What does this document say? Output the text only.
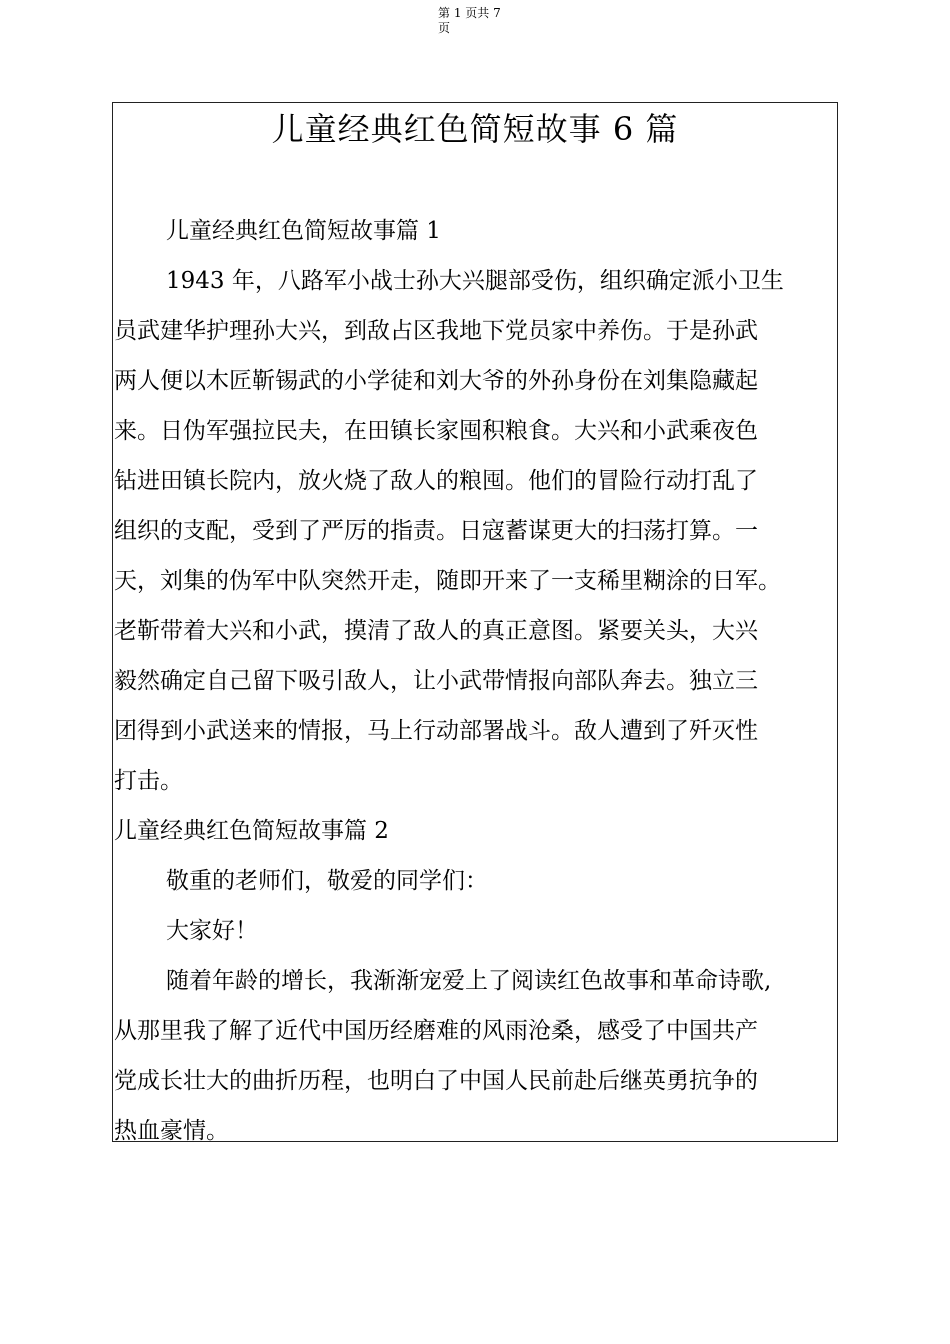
第 1 页共 7
页
儿童经典红色简短故事 6 篇
儿童经典红色简短故事篇 1
1943 年，八路军小战士孙大兴腿部受伤，组织确定派小卫生
员武建华护理孙大兴，到敌占区我地下党员家中养伤。于是孙武
两人便以木匠靳锡武的小学徒和刘大爷的外孙身份在刘集隐藏起
来。日伪军强拉民夫，在田镇长家囤积粮食。大兴和小武乘夜色
钻进田镇长院内，放火烧了敌人的粮囤。他们的冒险行动打乱了
组织的支配，受到了严厉的指责。日寇蓄谋更大的扫荡打算。一
天，刘集的伪军中队突然开走，随即开来了一支稀里糊涂的日军。
老靳带着大兴和小武，摸清了敌人的真正意图。紧要关头，大兴
毅然确定自己留下吸引敌人，让小武带情报向部队奔去。独立三
团得到小武送来的情报，马上行动部署战斗。敌人遭到了歼灭性
打击。
儿童经典红色简短故事篇 2
敬重的老师们，敬爱的同学们：
大家好！
随着年龄的增长，我渐渐宠爱上了阅读红色故事和革命诗歌,
从那里我了解了近代中国历经磨难的风雨沧桑，感受了中国共产
党成长壮大的曲折历程，也明白了中国人民前赴后继英勇抗争的
热血豪情。
